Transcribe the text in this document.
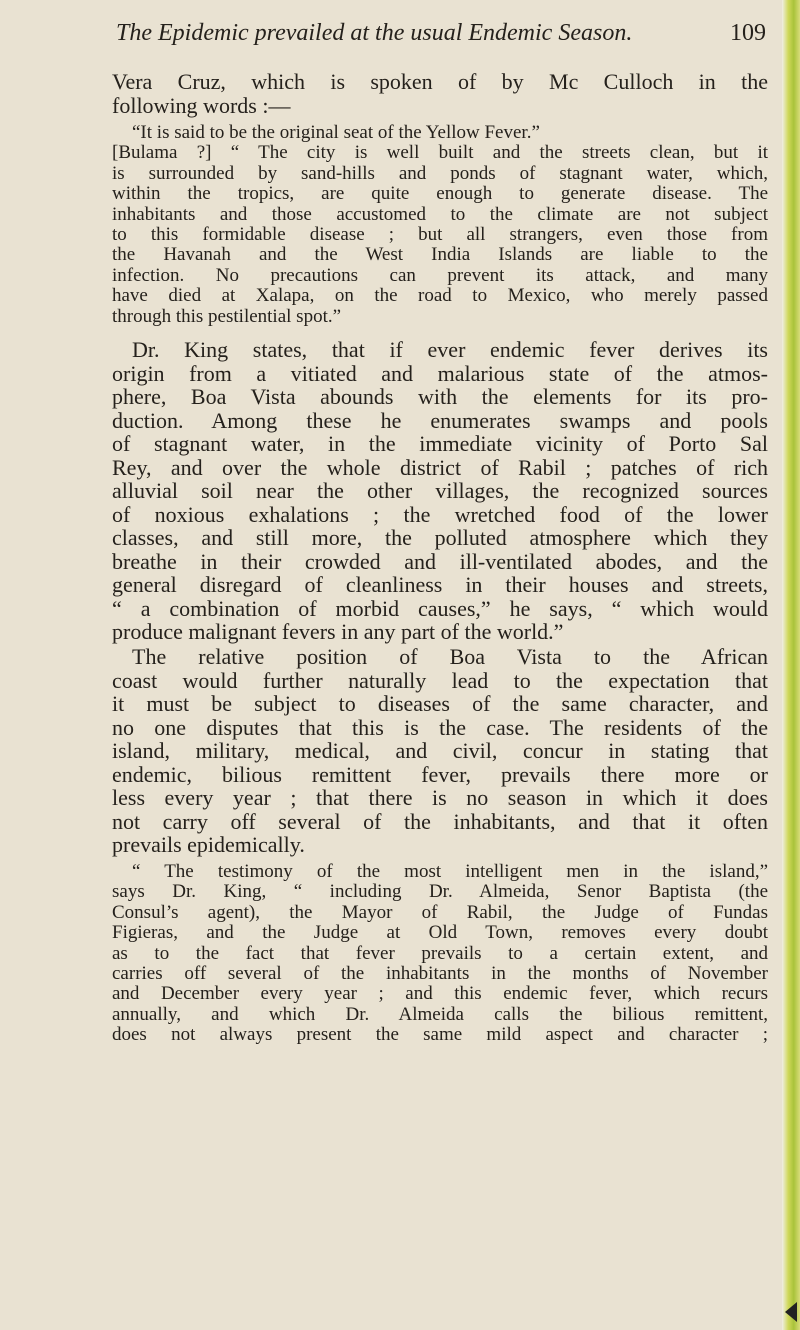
The Epidemic prevailed at the usual Endemic Season.	109
Vera Cruz, which is spoken of by Mc Culloch in the
following words :—
“It is said to be the original seat of the Yellow Fever.”
[Bulama ?] “ The city is well built and the streets clean, but it
is surrounded by sand-hills and ponds of stagnant water, which,
within the tropics, are quite enough to generate disease. The
inhabitants and those accustomed to the climate are not subject
to this formidable disease ; but all strangers, even those from
the Havanah and the West India Islands are liable to the
infection. No precautions can prevent its attack, and many
have died at Xalapa, on the road to Mexico, who merely passed
through this pestilential spot.”
Dr. King states, that if ever endemic fever derives its
origin from a vitiated and malarious state of the atmos-
phere, Boa Vista abounds with the elements for its pro-
duction. Among these he enumerates swamps and pools
of stagnant water, in the immediate vicinity of Porto Sal
Rey, and over the whole district of Rabil ; patches of rich
alluvial soil near the other villages, the recognized sources
of noxious exhalations ; the wretched food of the lower
classes, and still more, the polluted atmosphere which they
breathe in their crowded and ill-ventilated abodes, and the
general disregard of cleanliness in their houses and streets,
“ a combination of morbid causes,” he says, “ which would
produce malignant fevers in any part of the world.”
The relative position of Boa Vista to the African
coast would further naturally lead to the expectation that
it must be subject to diseases of the same character, and
no one disputes that this is the case. The residents of the
island, military, medical, and civil, concur in stating that
endemic, bilious remittent fever, prevails there more or
less every year ; that there is no season in which it does
not carry off several of the inhabitants, and that it often
prevails epidemically.
“ The testimony of the most intelligent men in the island,”
says Dr. King, “ including Dr. Almeida, Senor Baptista (the
Consul’s agent), the Mayor of Rabil, the Judge of Fundas
Figieras, and the Judge at Old Town, removes every doubt
as to the fact that fever prevails to a certain extent, and
carries off several of the inhabitants in the months of November
and December every year ; and this endemic fever, which recurs
annually, and which Dr. Almeida calls the bilious remittent,
does not always present the same mild aspect and character ;
